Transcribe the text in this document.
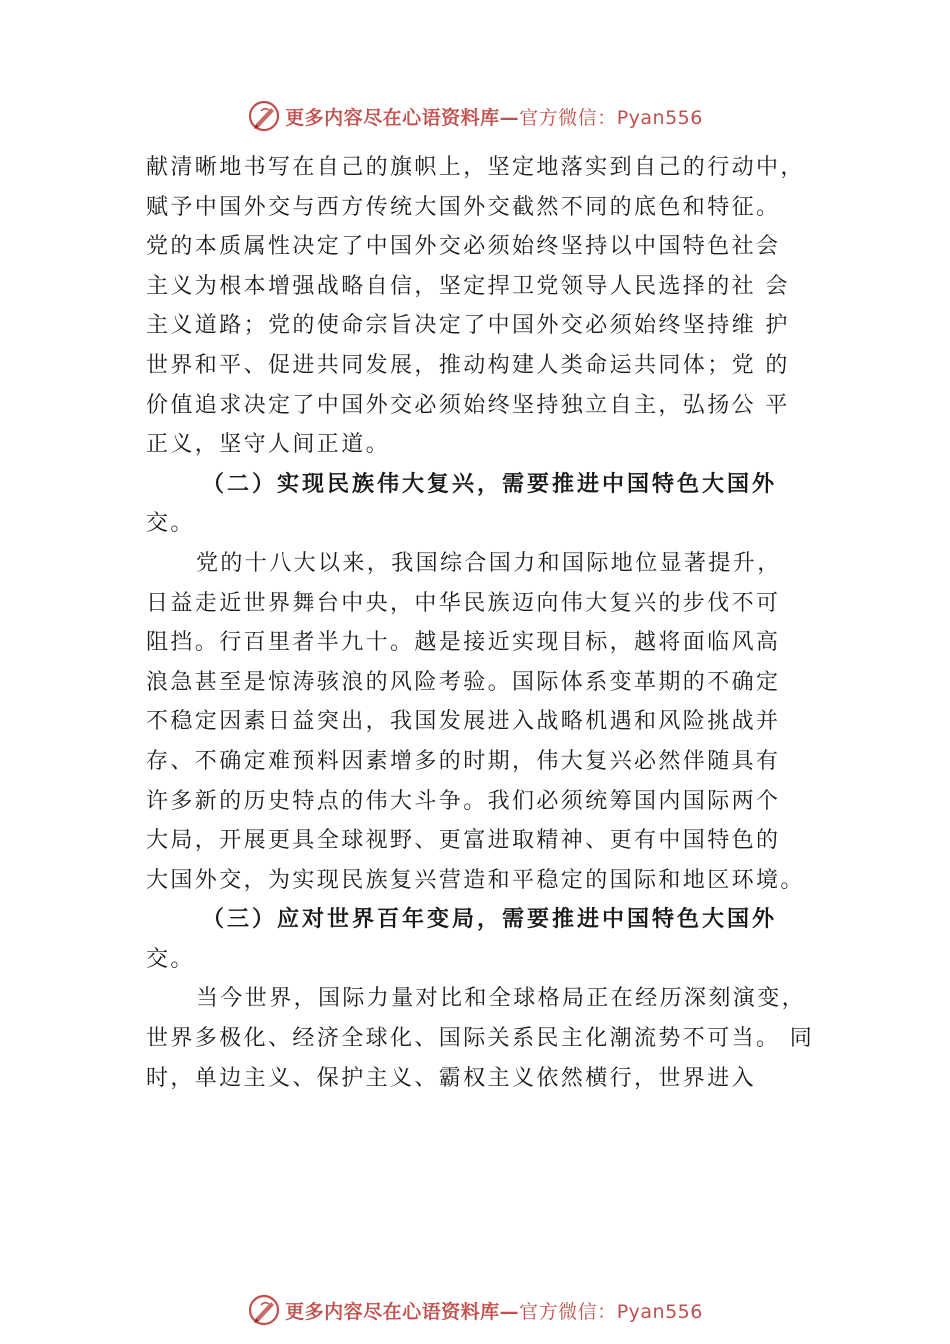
更多内容尽在心语资料库—官方微信：Pyan556
献清晰地书写在自己的旗帜上，坚定地落实到自己的行动中，
赋予中国外交与西方传统大国外交截然不同的底色和特征。
党的本质属性决定了中国外交必须始终坚持以中国特色社会
主义为根本增强战略自信，坚定捍卫党领导人民选择的社 会
主义道路；党的使命宗旨决定了中国外交必须始终坚持维 护
世界和平、促进共同发展，推动构建人类命运共同体；党 的
价值追求决定了中国外交必须始终坚持独立自主，弘扬公 平
正义，坚守人间正道。
（二）实现民族伟大复兴，需要推进中国特色大国外
交。
党的十八大以来，我国综合国力和国际地位显著提升，
日益走近世界舞台中央，中华民族迈向伟大复兴的步伐不可
阻挡。行百里者半九十。越是接近实现目标，越将面临风高
浪急甚至是惊涛骇浪的风险考验。国际体系变革期的不确定
不稳定因素日益突出，我国发展进入战略机遇和风险挑战并
存、不确定难预料因素增多的时期，伟大复兴必然伴随具有
许多新的历史特点的伟大斗争。我们必须统筹国内国际两个
大局，开展更具全球视野、更富进取精神、更有中国特色的
大国外交，为实现民族复兴营造和平稳定的国际和地区环境。
（三）应对世界百年变局，需要推进中国特色大国外
交。
当今世界，国际力量对比和全球格局正在经历深刻演变，
世界多极化、经济全球化、国际关系民主化潮流势不可当。 同
时，单边主义、保护主义、霸权主义依然横行，世界进入
更多内容尽在心语资料库—官方微信：Pyan556
